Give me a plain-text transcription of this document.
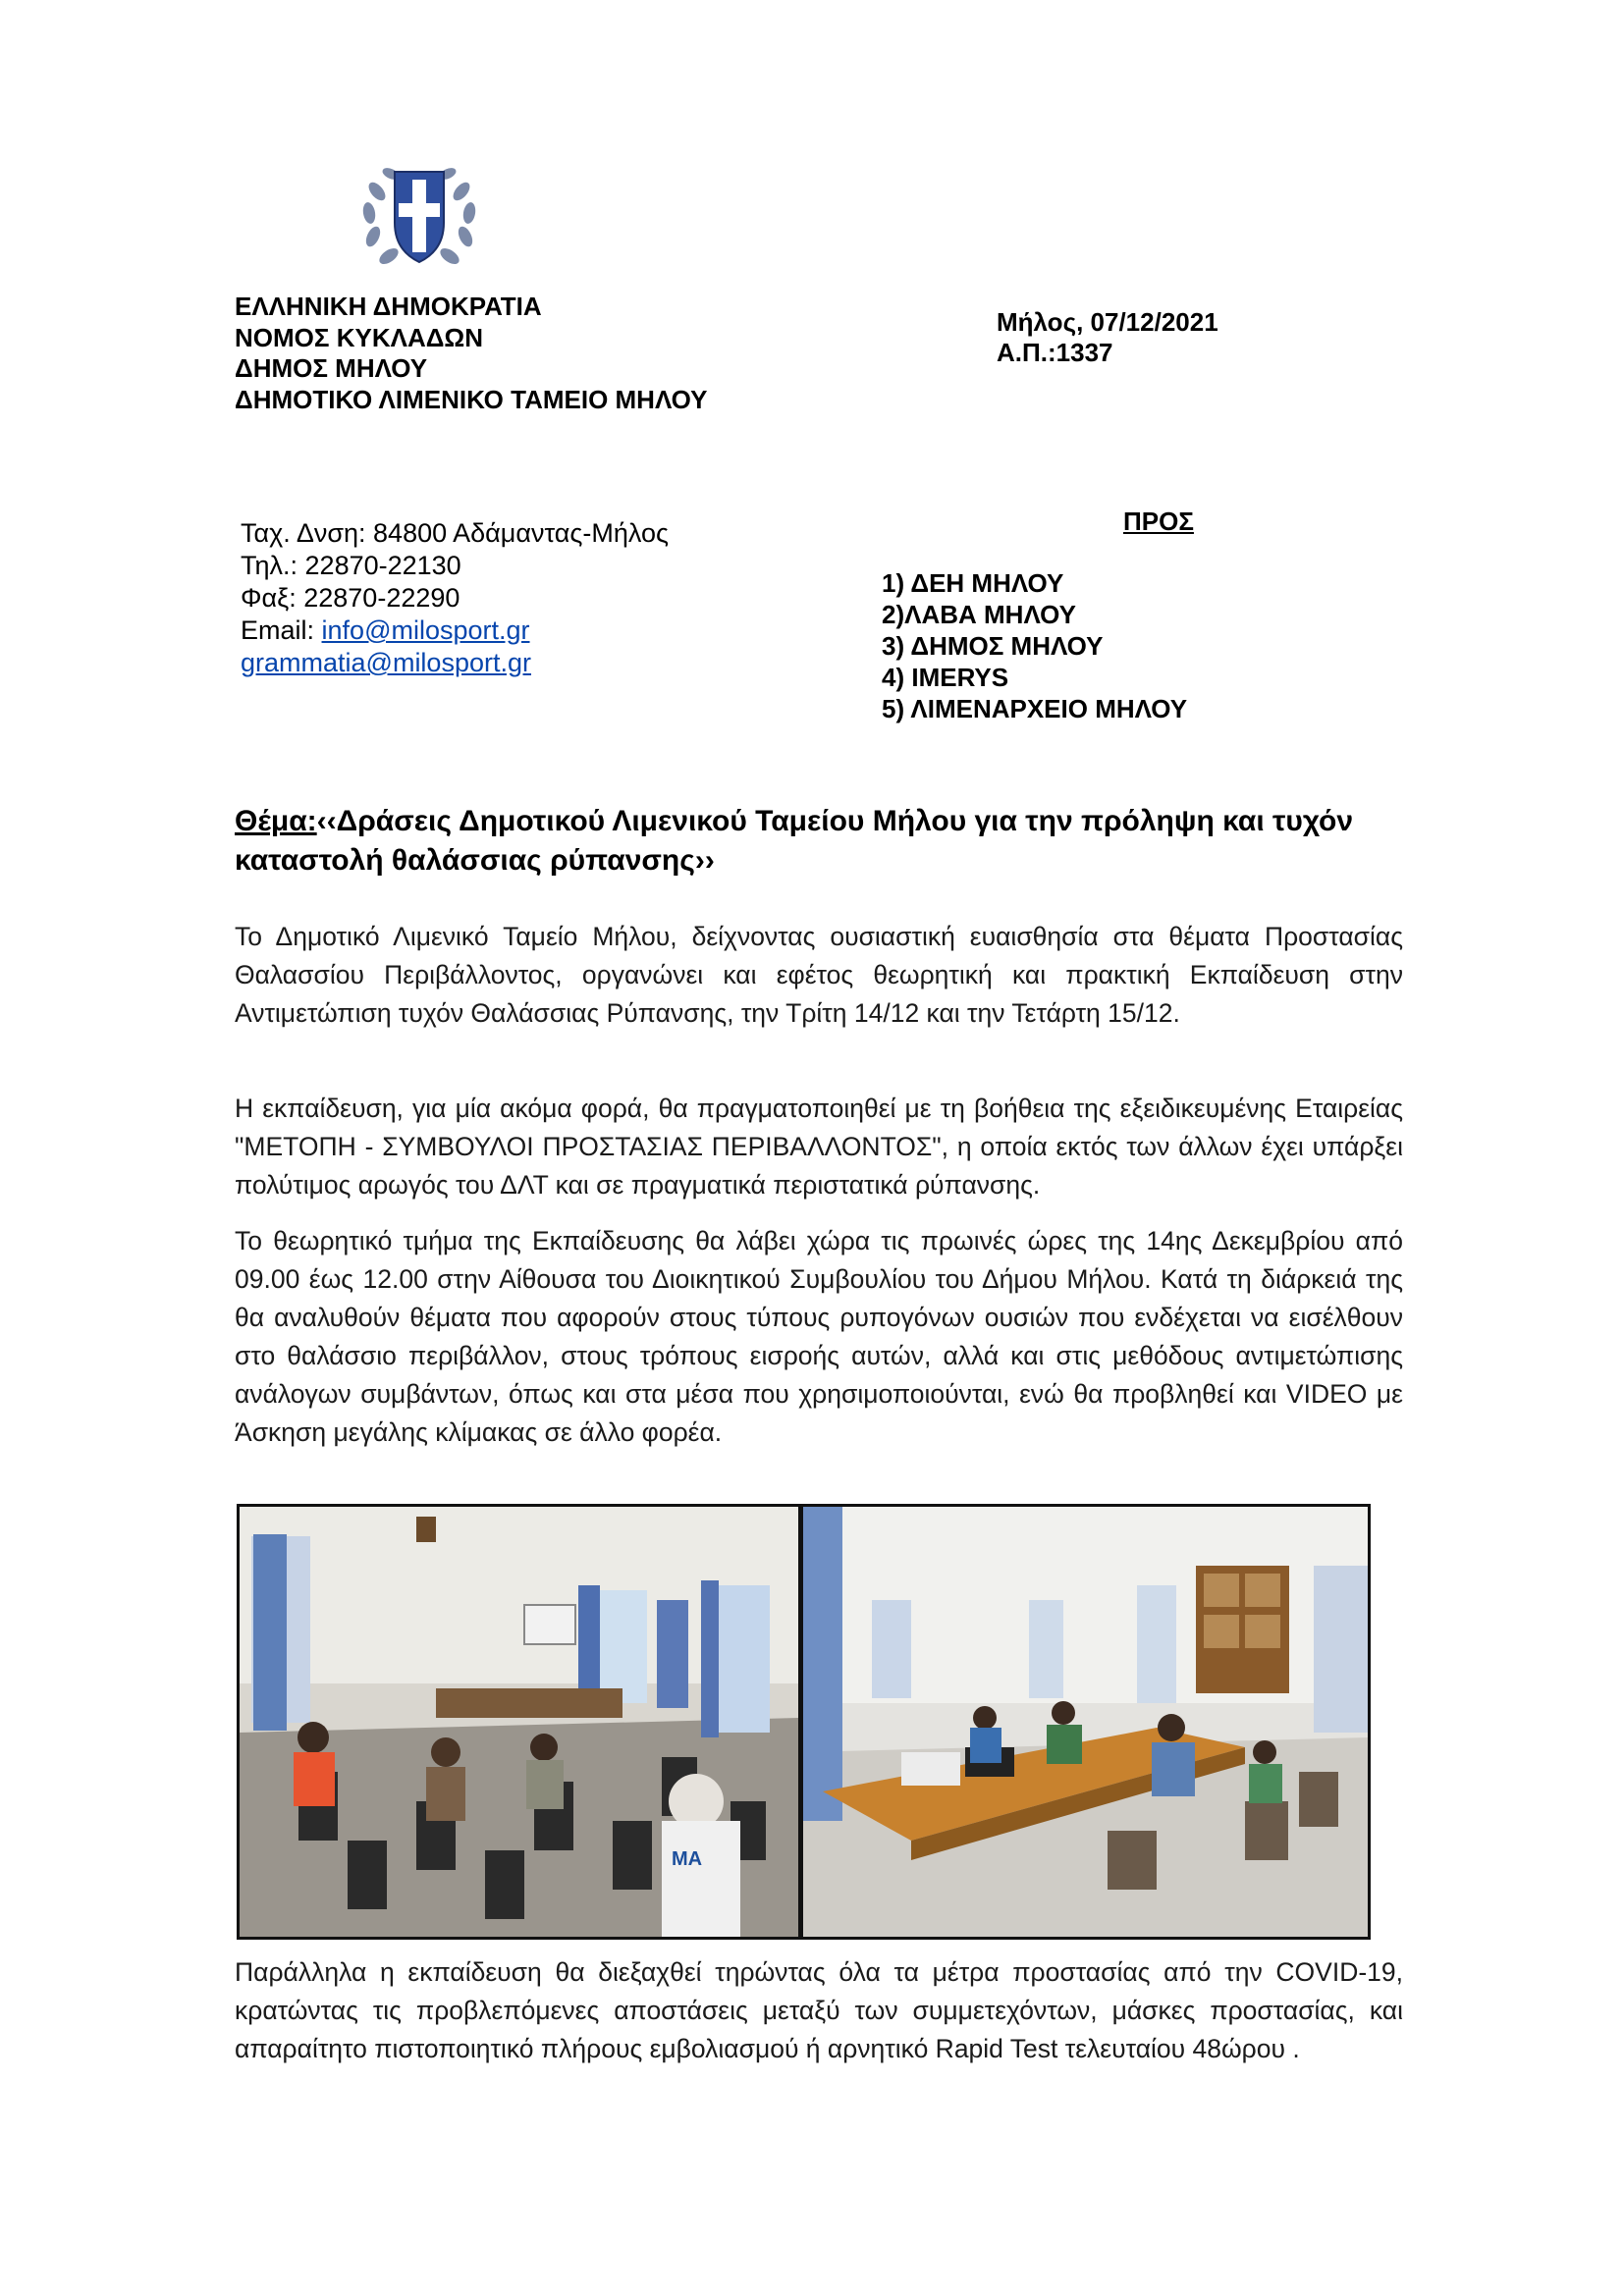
ΕΛΛΗΝΙΚΗ ΔΗΜΟΚΡΑΤΙΑ
ΝΟΜΟΣ ΚΥΚΛΑΔΩΝ
ΔΗΜΟΣ ΜΗΛΟΥ
ΔΗΜΟΤΙΚΟ ΛΙΜΕΝΙΚΟ ΤΑΜΕΙΟ ΜΗΛΟΥ
Μήλος, 07/12/2021
Α.Π.:1337
Ταχ. Δνση: 84800 Αδάμαντας-Μήλος
Τηλ.: 22870-22130
Φαξ: 22870-22290
Email: info@milosport.gr
grammatia@milosport.gr
ΠΡΟΣ
1) ΔΕΗ ΜΗΛΟΥ
2)ΛΑΒΑ ΜΗΛΟΥ
3) ΔΗΜΟΣ ΜΗΛΟΥ
4) IMERYS
5) ΛΙΜΕΝΑΡΧΕΙΟ ΜΗΛΟΥ
Θέμα:‹‹Δράσεις Δημοτικού Λιμενικού Ταμείου Μήλου για την πρόληψη και τυχόν καταστολή θαλάσσιας ρύπανσης››
Το Δημοτικό Λιμενικό Ταμείο Μήλου, δείχνοντας ουσιαστική ευαισθησία στα θέματα Προστασίας Θαλασσίου Περιβάλλοντος, οργανώνει και εφέτος θεωρητική και πρακτική Εκπαίδευση στην Αντιμετώπιση τυχόν Θαλάσσιας Ρύπανσης, την Τρίτη 14/12 και την Τετάρτη 15/12.
Η εκπαίδευση, για μία ακόμα φορά, θα πραγματοποιηθεί με τη βοήθεια της εξειδικευμένης Εταιρείας "ΜΕΤΟΠΗ - ΣΥΜΒΟΥΛΟΙ ΠΡΟΣΤΑΣΙΑΣ ΠΕΡΙΒΑΛΛΟΝΤΟΣ", η οποία εκτός των άλλων έχει υπάρξει πολύτιμος αρωγός του ΔΛΤ και σε πραγματικά περιστατικά ρύπανσης.
Το θεωρητικό τμήμα της Εκπαίδευσης θα λάβει χώρα τις πρωινές ώρες της 14ης Δεκεμβρίου από 09.00 έως 12.00 στην Αίθουσα του Διοικητικού Συμβουλίου του Δήμου Μήλου. Κατά τη διάρκειά της θα αναλυθούν θέματα που αφορούν στους τύπους ρυπογόνων ουσιών που ενδέχεται να εισέλθουν στο θαλάσσιο περιβάλλον, στους τρόπους εισροής αυτών, αλλά και στις μεθόδους αντιμετώπισης ανάλογων συμβάντων, όπως και στα μέσα που χρησιμοποιούνται, ενώ θα προβληθεί και VIDEO με Άσκηση μεγάλης κλίμακας σε άλλο φορέα.
MA
Παράλληλα η εκπαίδευση θα διεξαχθεί τηρώντας όλα τα μέτρα προστασίας από την COVID-19, κρατώντας τις προβλεπόμενες αποστάσεις μεταξύ των συμμετεχόντων, μάσκες προστασίας, και απαραίτητο πιστοποιητικό πλήρους εμβολιασμού ή αρνητικό Rapid Test τελευταίου 48ώρου .
